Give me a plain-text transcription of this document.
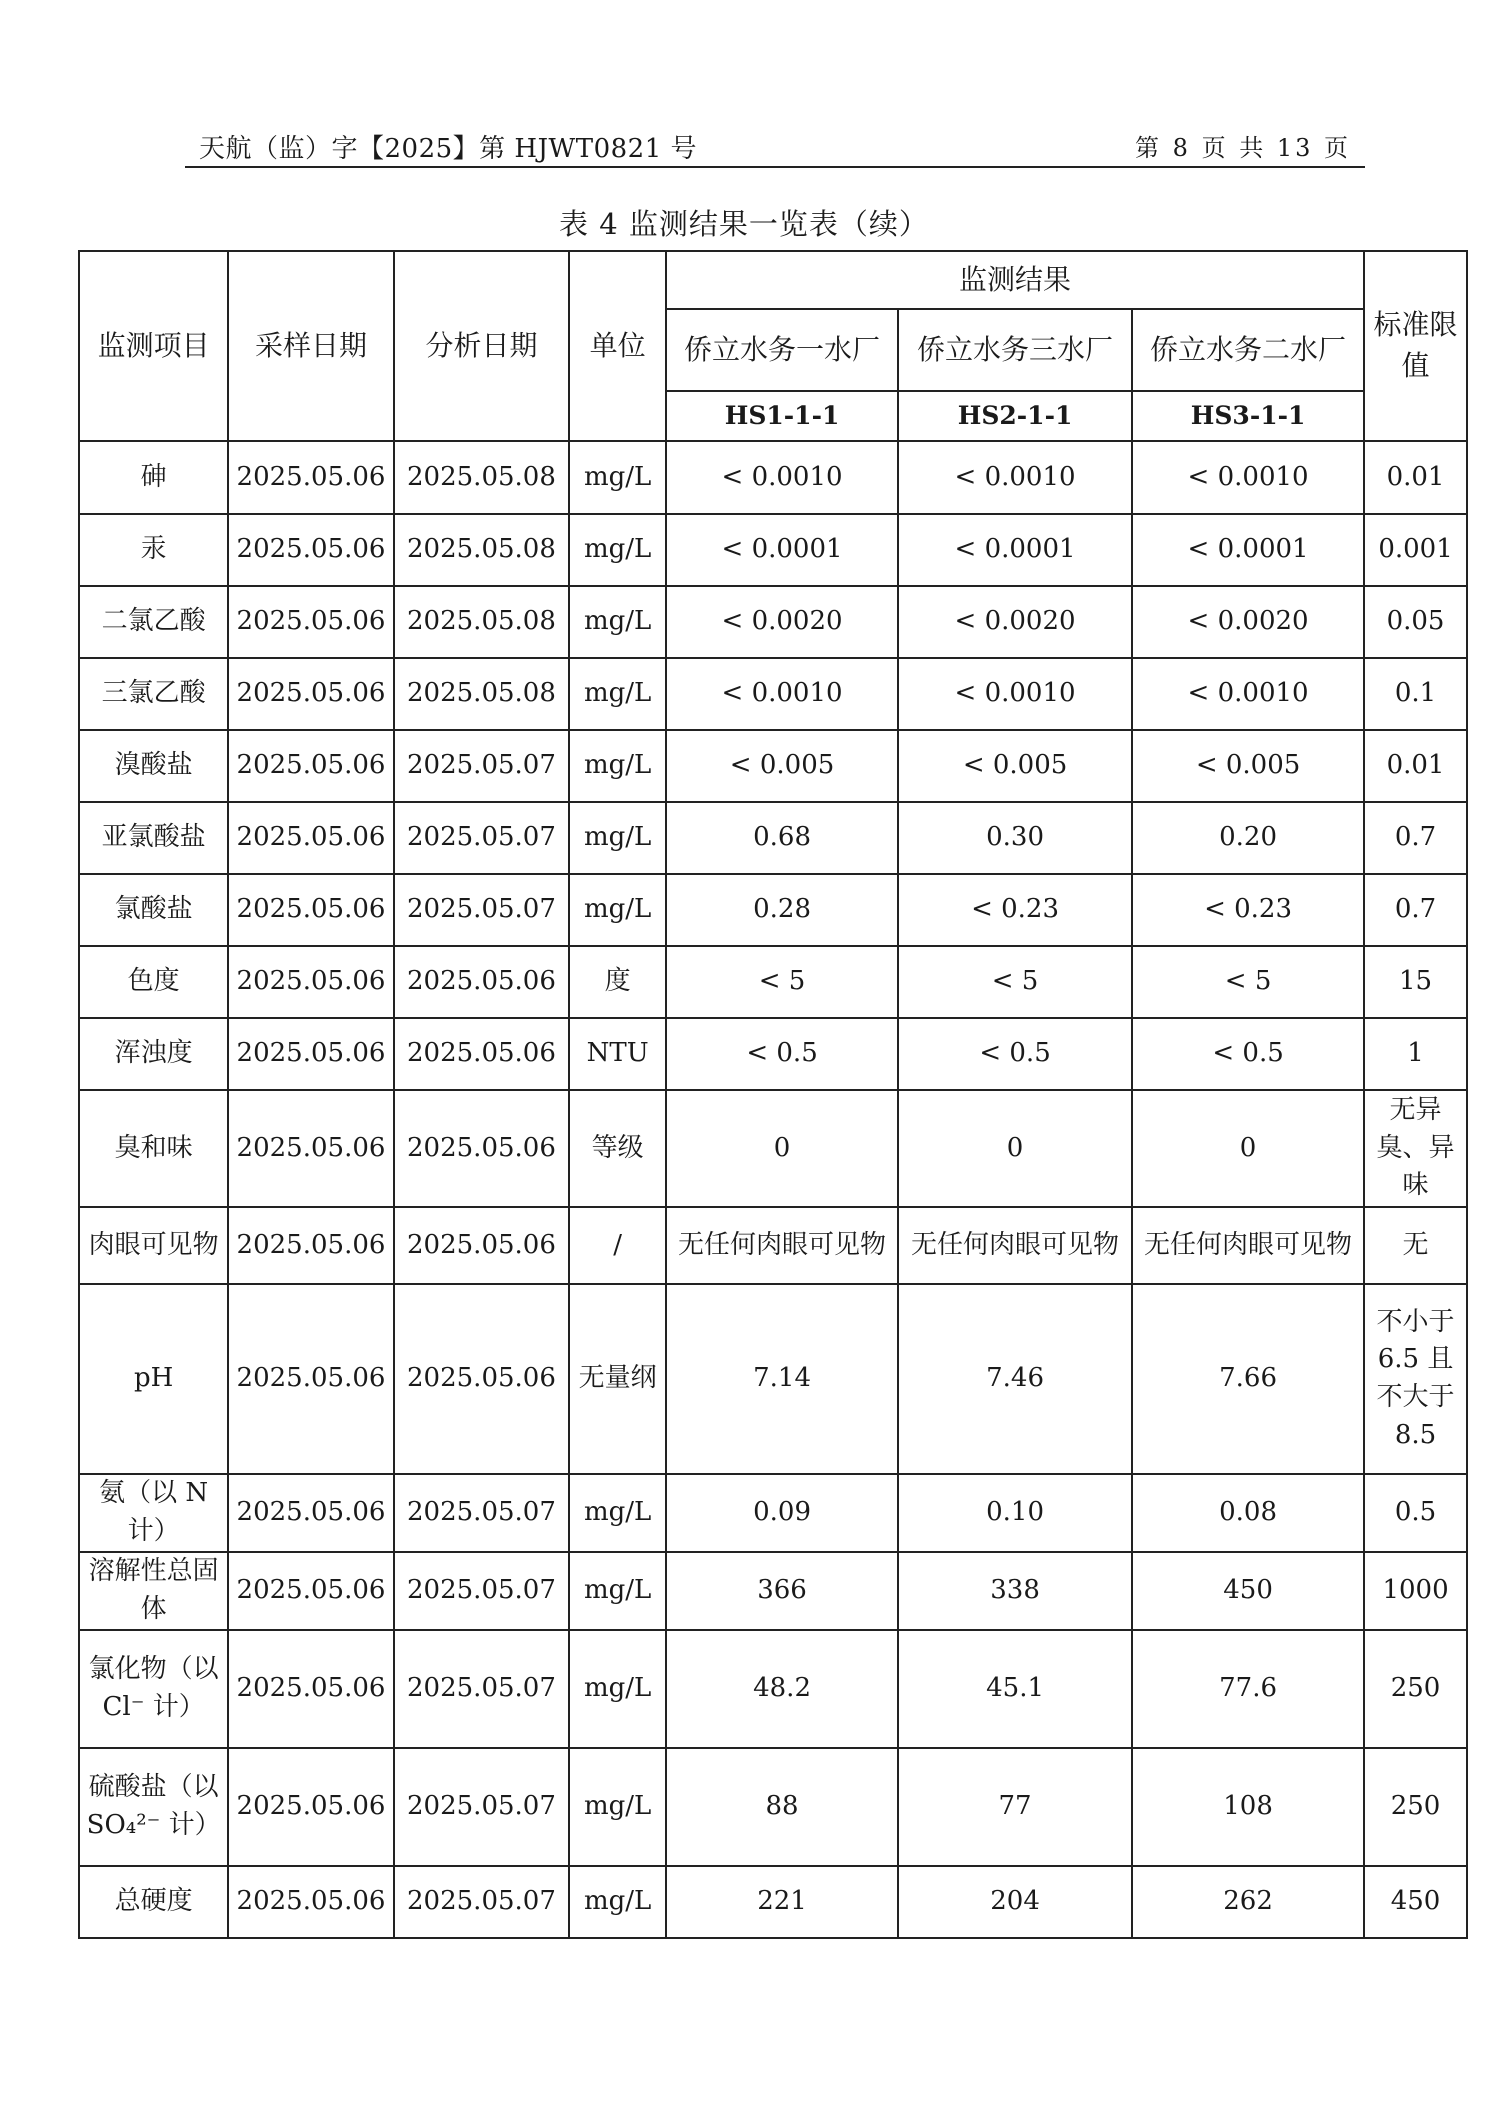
天航（监）字【2025】第 HJWT0821 号	第 8 页 共 13 页
表 4 监测结果一览表（续）
监测项目	采样日期	分析日期	单位	监测结果			标准限值
				侨立水务一水厂	侨立水务三水厂	侨立水务二水厂	
				HS1-1-1	HS2-1-1	HS3-1-1	
砷	2025.05.06	2025.05.08	mg/L	< 0.0010	< 0.0010	< 0.0010	0.01
汞	2025.05.06	2025.05.08	mg/L	< 0.0001	< 0.0001	< 0.0001	0.001
二氯乙酸	2025.05.06	2025.05.08	mg/L	< 0.0020	< 0.0020	< 0.0020	0.05
三氯乙酸	2025.05.06	2025.05.08	mg/L	< 0.0010	< 0.0010	< 0.0010	0.1
溴酸盐	2025.05.06	2025.05.07	mg/L	< 0.005	< 0.005	< 0.005	0.01
亚氯酸盐	2025.05.06	2025.05.07	mg/L	0.68	0.30	0.20	0.7
氯酸盐	2025.05.06	2025.05.07	mg/L	0.28	< 0.23	< 0.23	0.7
色度	2025.05.06	2025.05.06	度	< 5	< 5	< 5	15
浑浊度	2025.05.06	2025.05.06	NTU	< 0.5	< 0.5	< 0.5	1
臭和味	2025.05.06	2025.05.06	等级	0	0	0	无异臭、异味
肉眼可见物	2025.05.06	2025.05.06	/	无任何肉眼可见物	无任何肉眼可见物	无任何肉眼可见物	无
pH	2025.05.06	2025.05.06	无量纲	7.14	7.46	7.66	不小于 6.5 且不大于 8.5
氨（以 N 计）	2025.05.06	2025.05.07	mg/L	0.09	0.10	0.08	0.5
溶解性总固体	2025.05.06	2025.05.07	mg/L	366	338	450	1000
氯化物（以 Cl⁻ 计）	2025.05.06	2025.05.07	mg/L	48.2	45.1	77.6	250
硫酸盐（以 SO₄²⁻ 计）	2025.05.06	2025.05.07	mg/L	88	77	108	250
总硬度	2025.05.06	2025.05.07	mg/L	221	204	262	450
